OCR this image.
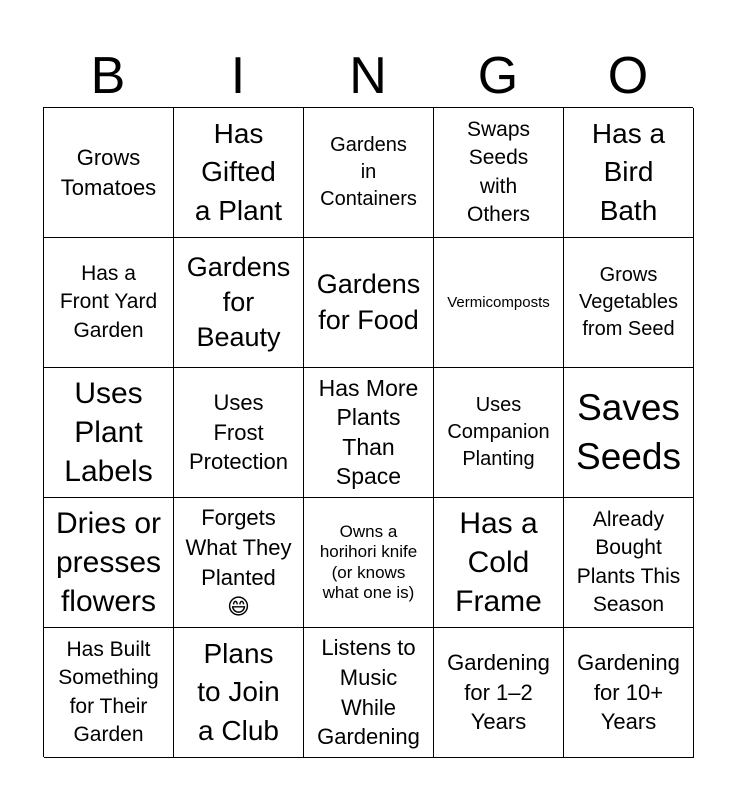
B	I	N	G	O
Grows
Tomatoes
Has
Gifted
a Plant
Gardens
in
Containers
Swaps
Seeds
with
Others
Has a
Bird
Bath
Has a
Front Yard
Garden
Gardens
for
Beauty
Gardens
for Food
Vermicomposts
Grows
Vegetables
from Seed
Uses
Plant
Labels
Uses
Frost
Protection
Has More
Plants
Than
Space
Uses
Companion
Planting
Saves
Seeds
Dries or
presses
flowers
Forgets
What They
Planted
😄
Owns a
horihori knife
(or knows
what one is)
Has a
Cold
Frame
Already
Bought
Plants This
Season
Has Built
Something
for Their
Garden
Plans
to Join
a Club
Listens to
Music
While
Gardening
Gardening
for 1–2
Years
Gardening
for 10+
Years
